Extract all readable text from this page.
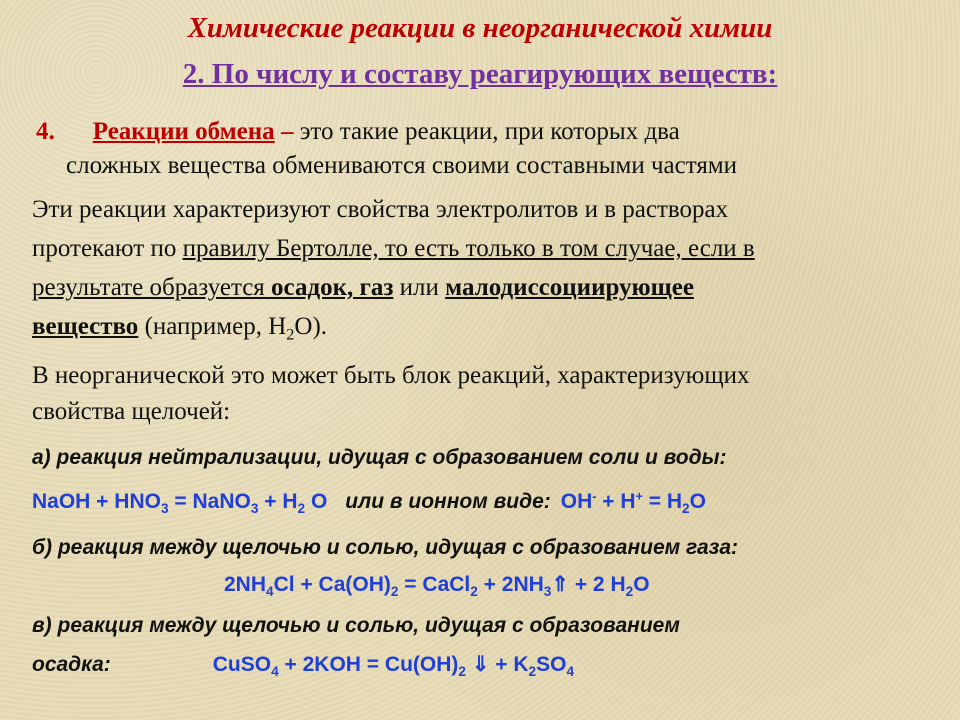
Химические реакции в неорганической химии
2. По числу и составу реагирующих веществ:
4. Реакции обмена – это такие реакции, при которых два
сложных вещества обмениваются своими составными частями
Эти реакции характеризуют свойства электролитов и в растворах
протекают по правилу Бертолле, то есть только в том случае, если в
результате образуется осадок, газ или малодиссоциирующее
вещество (например, $H_2O$).
В неорганической это может быть блок реакций, характеризующих
свойства щелочей:
а) реакция нейтрализации, идущая с образованием соли и воды:
NaOH + $HNO_3$ = NaNO$_3$ + $H_2$ O или в ионном виде: $OH^- + H^+ = H_2O$
б) реакция между щелочью и солью, идущая с образованием газа:
$2NH_4Cl + Ca(OH)_2$ = CaCl$_2$ + $2NH_3⇑ + 2$ $H_2O$
в) реакция между щелочью и солью, идущая с образованием
осадка:	CuSO$_4$ + $2KOH = Cu(OH)_2$ ⇓ + $K_2SO_4$
